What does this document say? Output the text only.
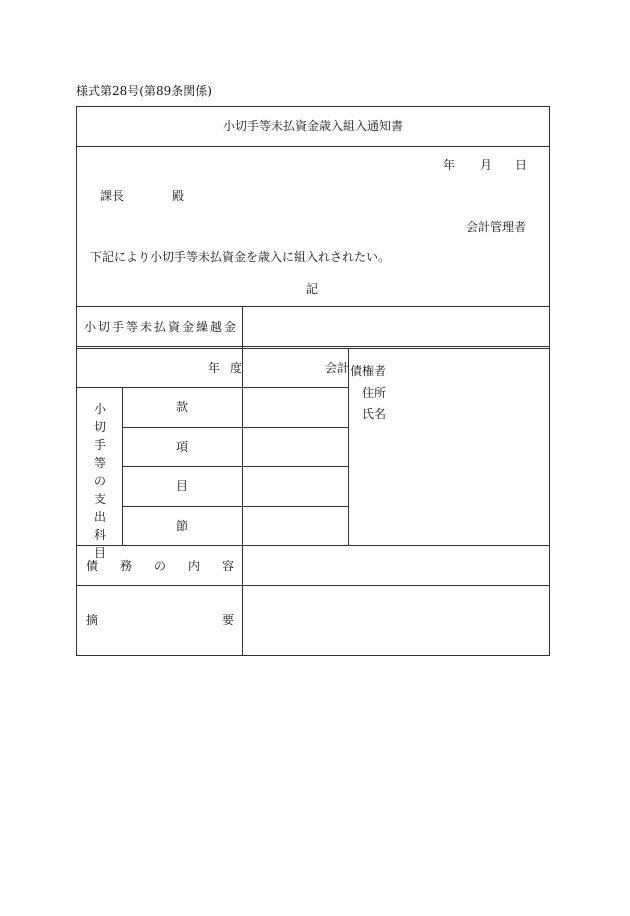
様式第28号(第89条関係)
小切手等未払資金歳入組入通知書
年 月 日
課長	殿
会計管理者
下記により小切手等未払資金を歳入に組入れされたい。
記
小切手等未払資金繰越金
年 度	会計 債権者
住所
氏名
小切手等の支出科目
款
項
目
節
債 務 の 内 容
摘	要
